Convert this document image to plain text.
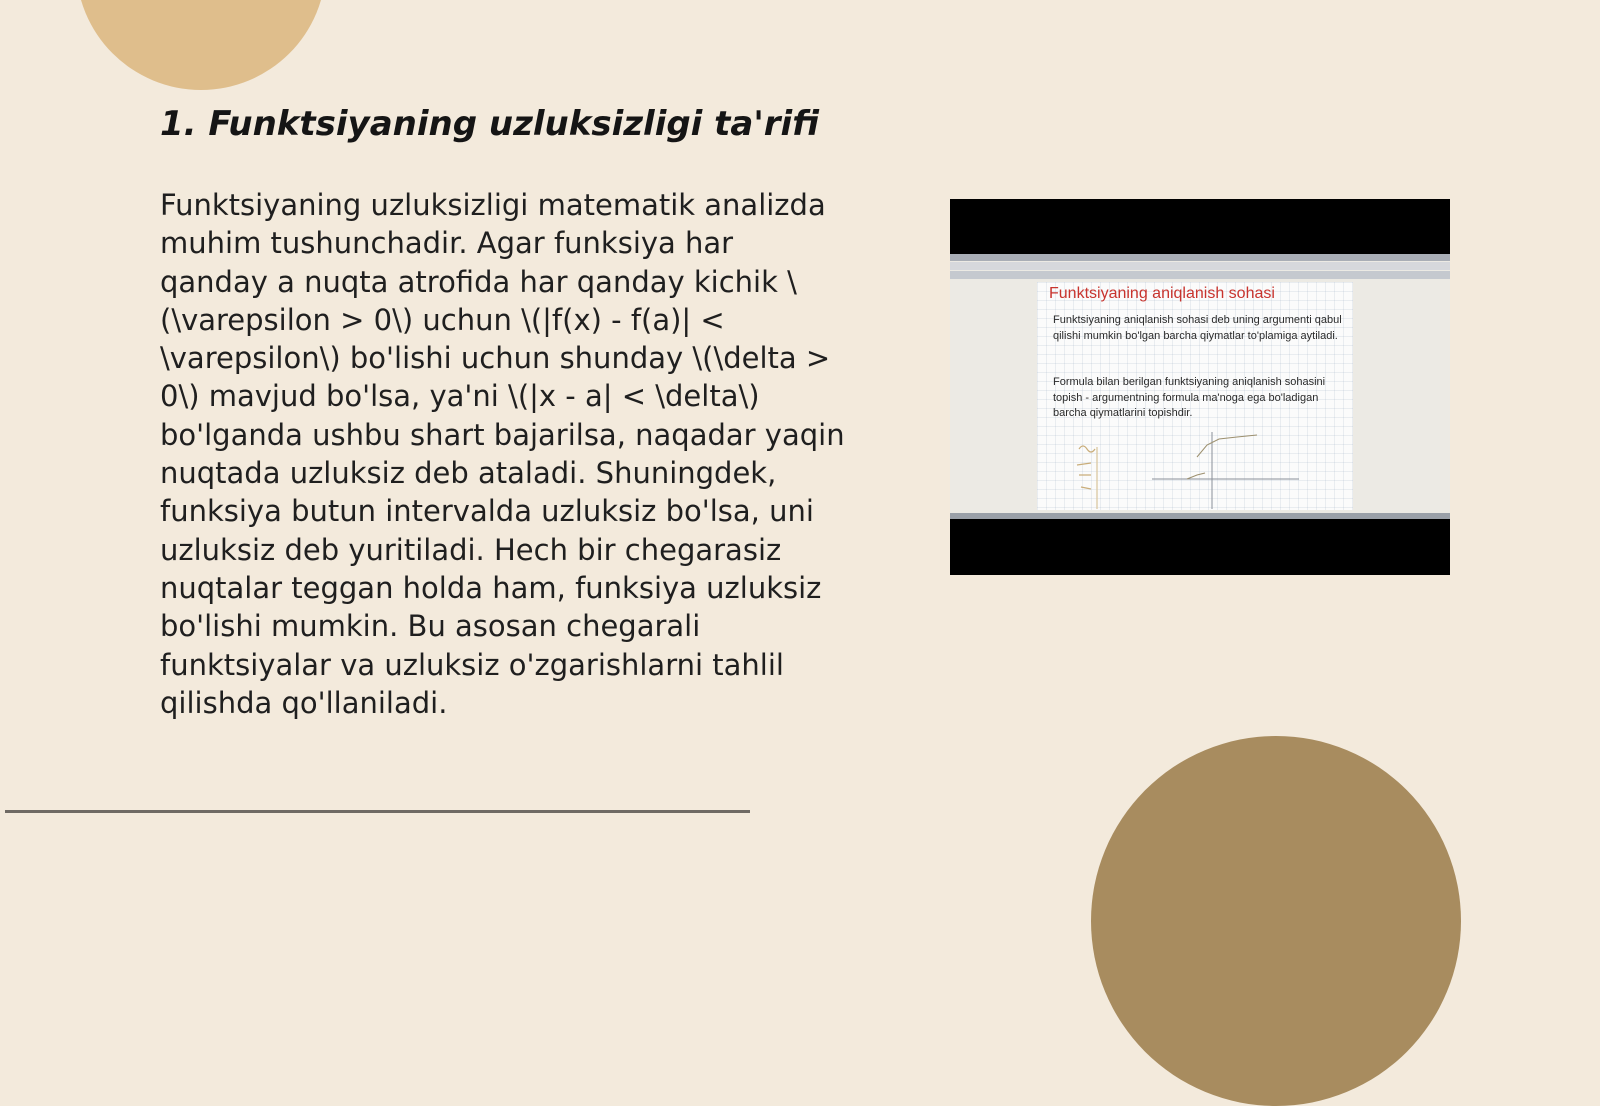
1. Funktsiyaning uzluksizligi ta'rifi

Funktsiyaning uzluksizligi matematik analizda muhim tushunchadir. Agar funksiya har qanday a nuqta atrofida har qanday kichik \(\varepsilon > 0\) uchun \(|f(x) - f(a)| < \varepsilon\) bo'lishi uchun shunday \(\delta > 0\) mavjud bo'lsa, ya'ni \(|x - a| < \delta\) bo'lganda ushbu shart bajarilsa, naqadar yaqin nuqtada uzluksiz deb ataladi. Shuningdek, funksiya butun intervalda uzluksiz bo'lsa, uni uzluksiz deb yuritiladi. Hech bir chegarasiz nuqtalar teggan holda ham, funksiya uzluksiz bo'lishi mumkin. Bu asosan chegarali funktsiyalar va uzluksiz o'zgarishlarni tahlil qilishda qo'llaniladi.

Funktsiyaning aniqlanish sohasi

Funktsiyaning aniqlanish sohasi deb uning argumenti qabul qilishi mumkin bo'lgan barcha qiymatlar to'plamiga aytiladi.

Formula bilan berilgan funktsiyaning aniqlanish sohasini topish - argumentning formula ma'noga ega bo'ladigan barcha qiymatlarini topishdir.
